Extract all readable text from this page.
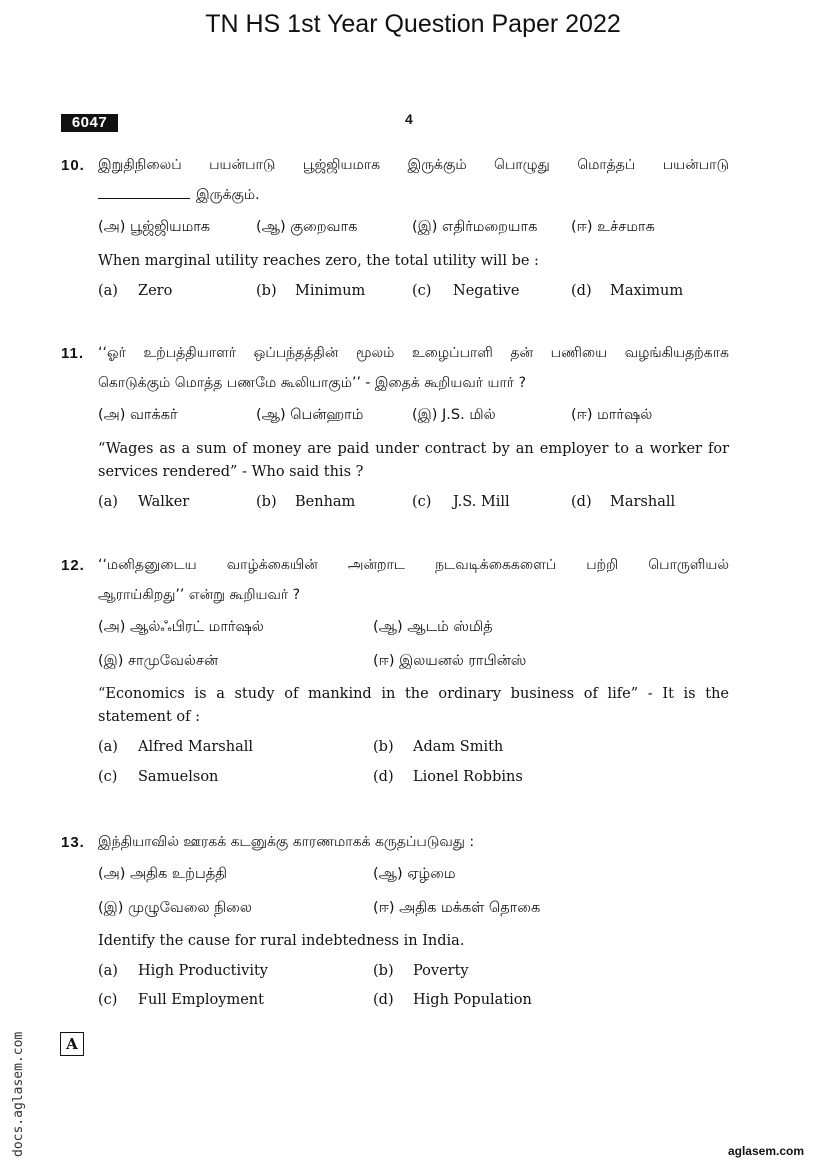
TN HS 1st Year Question Paper 2022
6047	4
10. இறுதிநிலைப் பயன்பாடு பூஜ்ஜியமாக இருக்கும் பொழுது மொத்தப் பயன்பாடு
இருக்கும்.
(அ) பூஜ்ஜியமாக	(ஆ) குறைவாக	(இ) எதிர்மறையாக (ஈ) உச்சமாக
When marginal utility reaches zero, the total utility will be :
(a) Zero	(b) Minimum	(c) Negative	(d) Maximum
11. ‘‘ஓர் உற்பத்தியாளர் ஒப்பந்தத்தின் மூலம் உழைப்பாளி தன் பணியை வழங்கியதற்காக
கொடுக்கும் மொத்த பணமே கூலியாகும்’’ - இதைக் கூறியவர் யார் ?
(அ) வாக்கர்	(ஆ) பென்ஹாம்	(இ) J.S. மில்	(ஈ) மார்ஷல்
“Wages as a sum of money are paid under contract by an employer to a worker for
services rendered” - Who said this ?
(a) Walker	(b) Benham	(c) J.S. Mill	(d) Marshall
12. ‘‘மனிதனுடைய வாழ்க்கையின் அன்றாட நடவடிக்கைகளைப் பற்றி பொருளியல்
ஆராய்கிறது’’ என்று கூறியவர் ?
(அ) ஆல்ஃபிரட் மார்ஷல்	(ஆ) ஆடம் ஸ்மித்
(இ) சாமுவேல்சன்	(ஈ) இலயனல் ராபின்ஸ்
“Economics is a study of mankind in the ordinary business of life” - It is the
statement of :
(a) Alfred Marshall	(b) Adam Smith
(c) Samuelson	(d) Lionel Robbins
13. இந்தியாவில் ஊரகக் கடனுக்கு காரணமாகக் கருதப்படுவது :
(அ) அதிக உற்பத்தி	(ஆ) ஏழ்மை
(இ) முழுவேலை நிலை	(ஈ) அதிக மக்கள் தொகை
Identify the cause for rural indebtedness in India.
(a) High Productivity	(b) Poverty
(c) Full Employment	(d) High Population
docs.aglasem.com	A
aglasem.com
